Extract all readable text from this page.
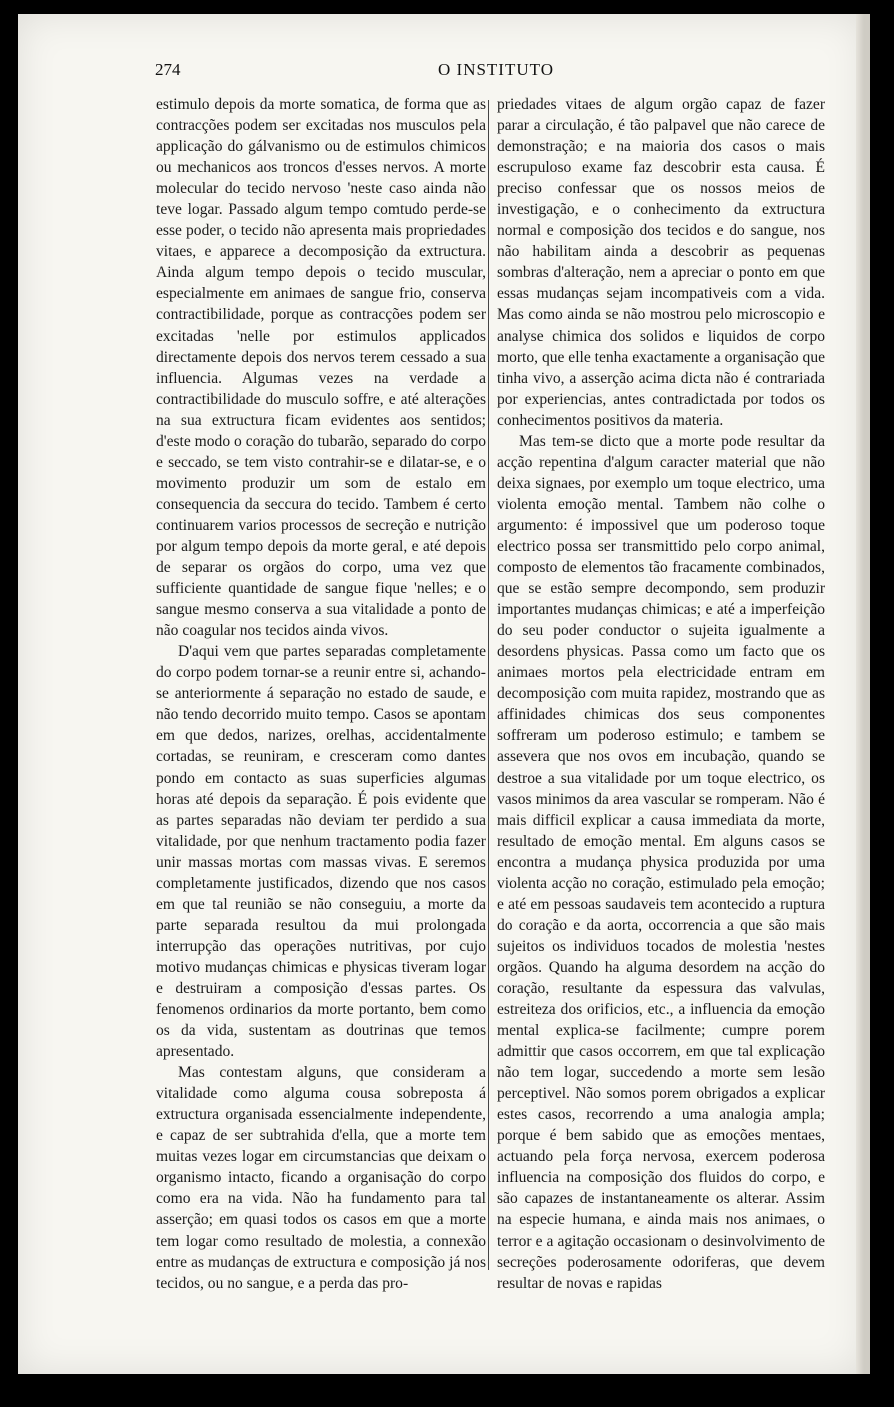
274	O INSTITUTO

estimulo depois da morte somatica, de forma que as contracções podem ser excitadas nos musculos pela applicação do gálvanismo ou de estimulos chimicos ou mechanicos aos troncos d'esses nervos. A morte molecular do tecido nervoso 'neste caso ainda não teve logar. Passado algum tempo comtudo perde-se esse poder, o tecido não apresenta mais propriedades vitaes, e apparece a decomposição da extructura. Ainda algum tempo depois o tecido muscular, especialmente em animaes de sangue frio, conserva contractibilidade, porque as contracções podem ser excitadas 'nelle por estimulos applicados directamente depois dos nervos terem cessado a sua influencia. Algumas vezes na verdade a contractibilidade do musculo soffre, e até alterações na sua extructura ficam evidentes aos sentidos; d'este modo o coração do tubarão, separado do corpo e seccado, se tem visto contrahir-se e dilatar-se, e o movimento produzir um som de estalo em consequencia da seccura do tecido. Tambem é certo continuarem varios processos de secreção e nutrição por algum tempo depois da morte geral, e até depois de separar os orgãos do corpo, uma vez que sufficiente quantidade de sangue fique 'nelles; e o sangue mesmo conserva a sua vitalidade a ponto de não coagular nos tecidos ainda vivos.

D'aqui vem que partes separadas completamente do corpo podem tornar-se a reunir entre si, achando-se anteriormente á separação no estado de saude, e não tendo decorrido muito tempo. Casos se apontam em que dedos, narizes, orelhas, accidentalmente cortadas, se reuniram, e cresceram como dantes pondo em contacto as suas superficies algumas horas até depois da separação. É pois evidente que as partes separadas não deviam ter perdido a sua vitalidade, por que nenhum tractamento podia fazer unir massas mortas com massas vivas. E seremos completamente justificados, dizendo que nos casos em que tal reunião se não conseguiu, a morte da parte separada resultou da mui prolongada interrupção das operações nutritivas, por cujo motivo mudanças chimicas e physicas tiveram logar e destruiram a composição d'essas partes. Os fenomenos ordinarios da morte portanto, bem como os da vida, sustentam as doutrinas que temos apresentado.

Mas contestam alguns, que consideram a vitalidade como alguma cousa sobreposta á extructura organisada essencialmente independente, e capaz de ser subtrahida d'ella, que a morte tem muitas vezes logar em circumstancias que deixam o organismo intacto, ficando a organisação do corpo como era na vida. Não ha fundamento para tal asserção; em quasi todos os casos em que a morte tem logar como resultado de molestia, a connexão entre as mudanças de extructura e composição já nos tecidos, ou no sangue, e a perda das pro-

priedades vitaes de algum orgão capaz de fazer parar a circulação, é tão palpavel que não carece de demonstração; e na maioria dos casos o mais escrupuloso exame faz descobrir esta causa. É preciso confessar que os nossos meios de investigação, e o conhecimento da extructura normal e composição dos tecidos e do sangue, nos não habilitam ainda a descobrir as pequenas sombras d'alteração, nem a apreciar o ponto em que essas mudanças sejam incompativeis com a vida. Mas como ainda se não mostrou pelo microscopio e analyse chimica dos solidos e liquidos de corpo morto, que elle tenha exactamente a organisação que tinha vivo, a asserção acima dicta não é contrariada por experiencias, antes contradictada por todos os conhecimentos positivos da materia.

Mas tem-se dicto que a morte pode resultar da acção repentina d'algum caracter material que não deixa signaes, por exemplo um toque electrico, uma violenta emoção mental. Tambem não colhe o argumento: é impossivel que um poderoso toque electrico possa ser transmittido pelo corpo animal, composto de elementos tão fracamente combinados, que se estão sempre decompondo, sem produzir importantes mudanças chimicas; e até a imperfeição do seu poder conductor o sujeita igualmente a desordens physicas. Passa como um facto que os animaes mortos pela electricidade entram em decomposição com muita rapidez, mostrando que as affinidades chimicas dos seus componentes soffreram um poderoso estimulo; e tambem se assevera que nos ovos em incubação, quando se destroe a sua vitalidade por um toque electrico, os vasos minimos da area vascular se romperam. Não é mais difficil explicar a causa immediata da morte, resultado de emoção mental. Em alguns casos se encontra a mudança physica produzida por uma violenta acção no coração, estimulado pela emoção; e até em pessoas saudaveis tem acontecido a ruptura do coração e da aorta, occorrencia a que são mais sujeitos os individuos tocados de molestia 'nestes orgãos. Quando ha alguma desordem na acção do coração, resultante da espessura das valvulas, estreiteza dos orificios, etc., a influencia da emoção mental explica-se facilmente; cumpre porem admittir que casos occorrem, em que tal explicação não tem logar, succedendo a morte sem lesão perceptivel. Não somos porem obrigados a explicar estes casos, recorrendo a uma analogia ampla; porque é bem sabido que as emoções mentaes, actuando pela força nervosa, exercem poderosa influencia na composição dos fluidos do corpo, e são capazes de instantaneamente os alterar. Assim na especie humana, e ainda mais nos animaes, o terror e a agitação occasionam o desinvolvimento de secreções poderosamente odoriferas, que devem resultar de novas e rapidas
